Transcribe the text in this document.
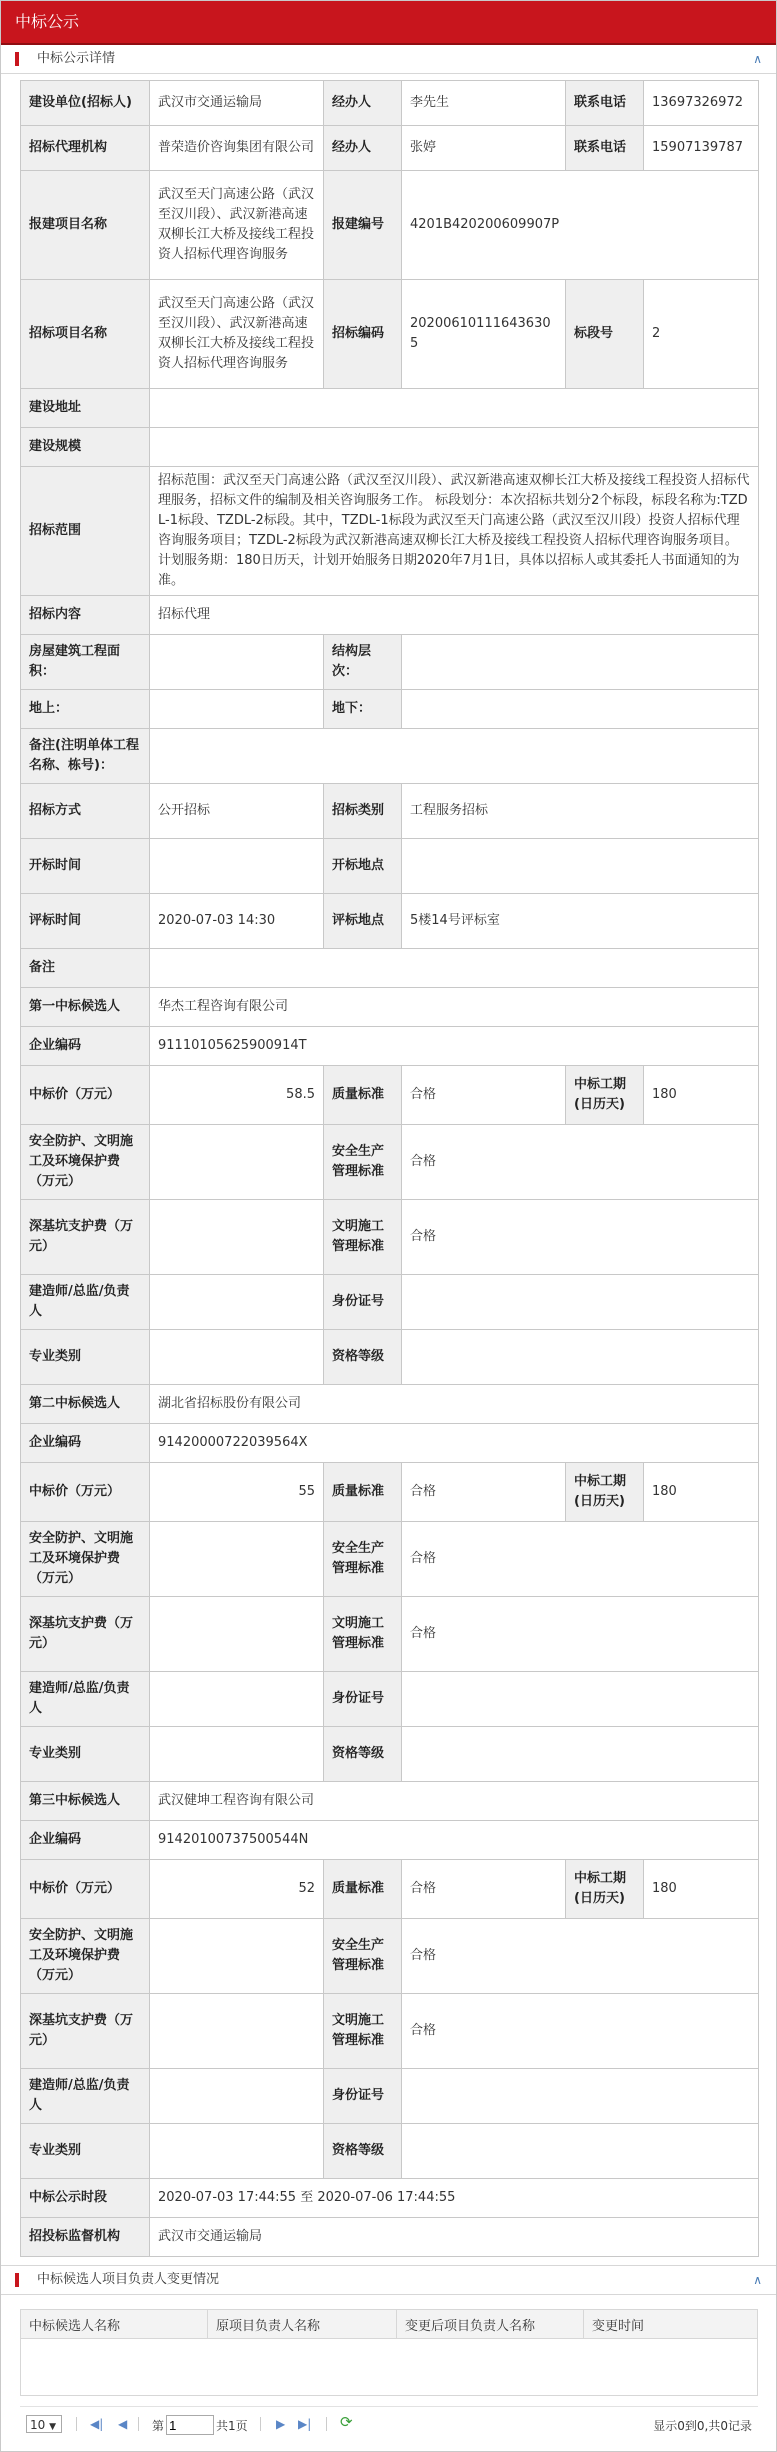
中标公示
中标公示详情	∧
建设单位(招标人)	武汉市交通运输局	经办人	李先生	联系电话	13697326972
招标代理机构	普荣造价咨询集团有限公司	经办人	张婷	联系电话	15907139787
报建项目名称	武汉至天门高速公路（武汉至汉川段）、武汉新港高速双柳长江大桥及接线工程投资人招标代理咨询服务	报建编号	4201B420200609907P		
招标项目名称	武汉至天门高速公路（武汉至汉川段）、武汉新港高速双柳长江大桥及接线工程投资人招标代理咨询服务	招标编码	202006101116436305	标段号	2
建设地址					
建设规模					
招标范围	招标范围：武汉至天门高速公路（武汉至汉川段）、武汉新港高速双柳长江大桥及接线工程投资人招标代理服务，招标文件的编制及相关咨询服务工作。 标段划分：本次招标共划分2个标段，标段名称为:TZDL-1标段、TZDL-2标段。其中，TZDL-1标段为武汉至天门高速公路（武汉至汉川段）投资人招标代理咨询服务项目；TZDL-2标段为武汉新港高速双柳长江大桥及接线工程投资人招标代理咨询服务项目。计划服务期：180日历天，计划开始服务日期2020年7月1日，具体以招标人或其委托人书面通知的为准。				
招标内容	招标代理				
房屋建筑工程面积：		结构层次：			
地上：		地下：			
备注(注明单体工程名称、栋号)：					
招标方式	公开招标	招标类别	工程服务招标		
开标时间		开标地点			
评标时间	2020-07-03 14:30	评标地点	5楼14号评标室		
备注					
第一中标候选人	华杰工程咨询有限公司				
企业编码	91110105625900914T				
中标价（万元）	58.5	质量标准	合格	中标工期(日历天)	180
安全防护、文明施工及环境保护费（万元）		安全生产管理标准	合格		
深基坑支护费（万元）		文明施工管理标准	合格		
建造师/总监/负责人		身份证号			
专业类别		资格等级			
第二中标候选人	湖北省招标股份有限公司				
企业编码	91420000722039564X				
中标价（万元）	55	质量标准	合格	中标工期(日历天)	180
安全防护、文明施工及环境保护费（万元）		安全生产管理标准	合格		
深基坑支护费（万元）		文明施工管理标准	合格		
建造师/总监/负责人		身份证号			
专业类别		资格等级			
第三中标候选人	武汉健坤工程咨询有限公司				
企业编码	91420100737500544N				
中标价（万元）	52	质量标准	合格	中标工期(日历天)	180
安全防护、文明施工及环境保护费（万元）		安全生产管理标准	合格		
深基坑支护费（万元）		文明施工管理标准	合格		
建造师/总监/负责人		身份证号			
专业类别		资格等级			
中标公示时段	2020-07-03 17:44:55 至 2020-07-06 17:44:55				
招投标监督机构	武汉市交通运输局				
中标候选人项目负责人变更情况	∧
中标候选人名称	原项目负责人名称	变更后项目负责人名称	变更时间

10 ▼	◀| ◀ 第
1	共1页 ▶ ▶| ⟳	显示0到0,共0记录
